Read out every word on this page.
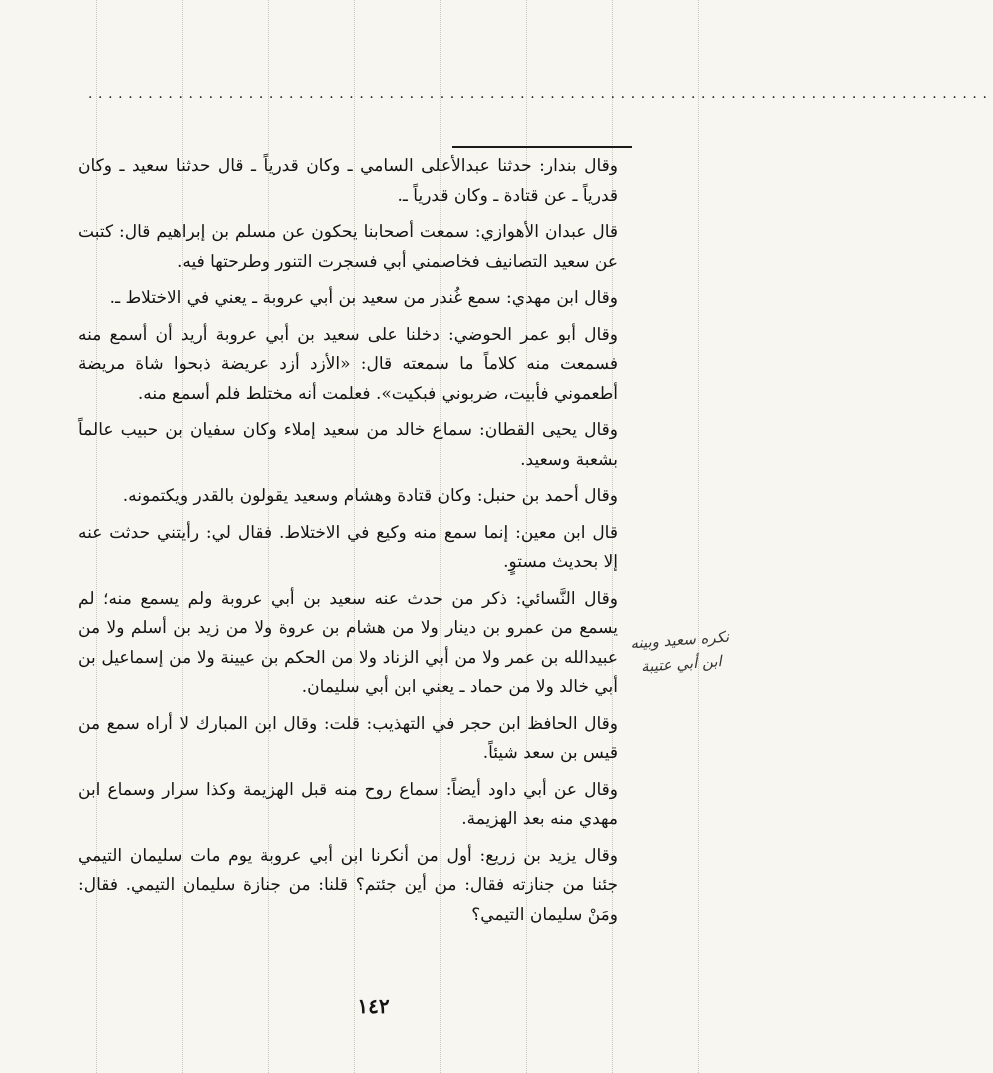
··························································································

وقال بندار: حدثنا عبدالأعلى السامي ـ وكان قدرياً ـ قال حدثنا سعيد ـ وكان قدرياً ـ عن قتادة ـ وكان قدرياً ـ.

قال عبدان الأهوازي: سمعت أصحابنا يحكون عن مسلم بن إبراهيم قال: كتبت عن سعيد التصانيف فخاصمني أبي فسجرت التنور وطرحتها فيه.

وقال ابن مهدي: سمع غُندر من سعيد بن أبي عروبة ـ يعني في الاختلاط ـ.

وقال أبو عمر الحوضي: دخلنا على سعيد بن أبي عروبة أريد أن أسمع منه فسمعت منه كلاماً ما سمعته قال: «الأزد أزد عريضة ذبحوا شاة مريضة أطعموني فأبيت، ضربوني فبكيت». فعلمت أنه مختلط فلم أسمع منه.

وقال يحيى القطان: سماع خالد من سعيد إملاء وكان سفيان بن حبيب عالماً بشعبة وسعيد.

وقال أحمد بن حنبل: وكان قتادة وهشام وسعيد يقولون بالقدر ويكتمونه.

قال ابن معين: إنما سمع منه وكيع في الاختلاط. فقال لي: رأيتني حدثت عنه إلا بحديث مستوٍ.

وقال النَّسائي: ذكر من حدث عنه سعيد بن أبي عروبة ولم يسمع منه؛ لم يسمع من عمرو بن دينار ولا من هشام بن عروة ولا من زيد بن أسلم ولا من عبيدالله بن عمر ولا من أبي الزناد ولا من الحكم بن عيينة ولا من إسماعيل بن أبي خالد ولا من حماد ـ يعني ابن أبي سليمان.

وقال الحافظ ابن حجر في التهذيب: قلت: وقال ابن المبارك لا أراه سمع من قيس بن سعد شيئاً.

وقال عن أبي داود أيضاً: سماع روح منه قبل الهزيمة وكذا سرار وسماع ابن مهدي منه بعد الهزيمة.

وقال يزيد بن زريع: أول من أنكرنا ابن أبي عروبة يوم مات سليمان التيمي جئنا من جنازته فقال: من أين جئتم؟ قلنا: من جنازة سليمان التيمي. فقال: ومَنْ سليمان التيمي؟

نكره سعيد وبينه ابن أبي عتيبة
١٤٢
